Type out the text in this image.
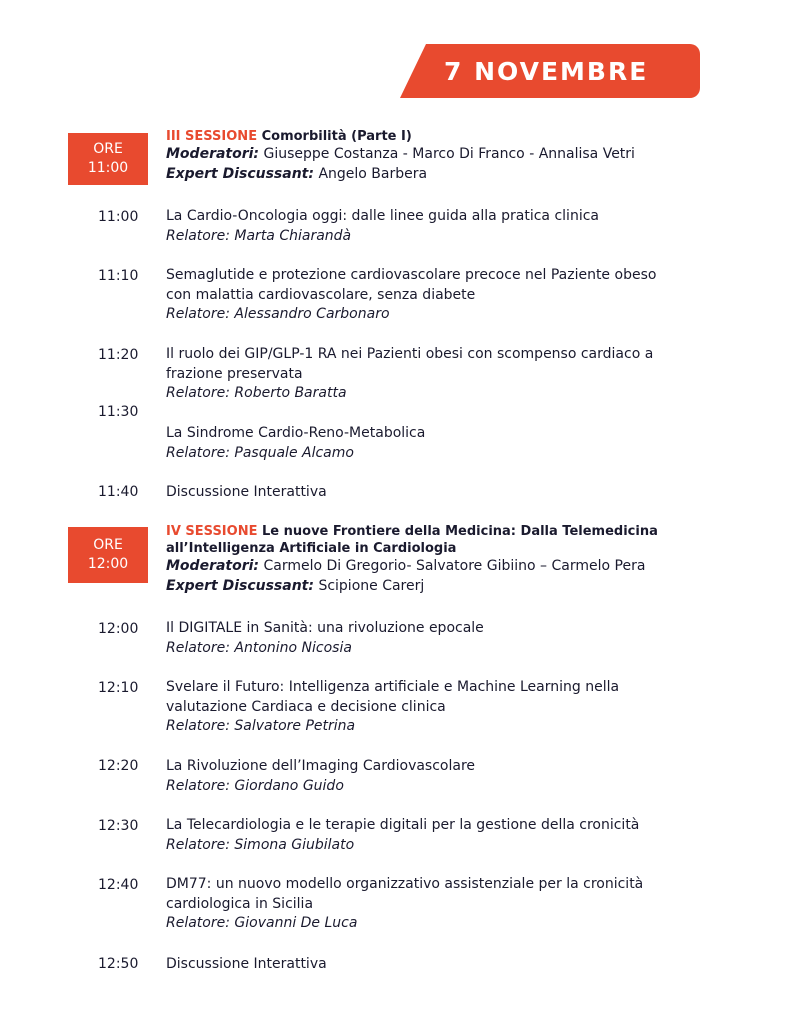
7 NOVEMBRE
ORE
11:00

III SESSIONE Comorbilità (Parte I)

Moderatori: Giuseppe Costanza - Marco Di Franco - Annalisa Vetri

Expert Discussant: Angelo Barbera

11:00 La Cardio-Oncologia oggi: dalle linee guida alla pratica clinica

Relatore: Marta Chiarandà

11:10 Semaglutide e protezione cardiovascolare precoce nel Paziente obeso

con malattia cardiovascolare, senza diabete

Relatore: Alessandro Carbonaro

11:20 Il ruolo dei GIP/GLP-1 RA nei Pazienti obesi con scompenso cardiaco a

frazione preservata

Relatore: Roberto Baratta

11:30

La Sindrome Cardio-Reno-Metabolica

Relatore: Pasquale Alcamo

11:40 Discussione Interattiva

ORE
12:00

IV SESSIONE Le nuove Frontiere della Medicina: Dalla Telemedicina

all’Intelligenza Artificiale in Cardiologia

Moderatori: Carmelo Di Gregorio- Salvatore Gibiino – Carmelo Pera

Expert Discussant: Scipione Carerj

12:00 Il DIGITALE in Sanità: una rivoluzione epocale

Relatore: Antonino Nicosia

12:10 Svelare il Futuro: Intelligenza artificiale e Machine Learning nella

valutazione Cardiaca e decisione clinica

Relatore: Salvatore Petrina

12:20 La Rivoluzione dell’Imaging Cardiovascolare

Relatore: Giordano Guido

12:30 La Telecardiologia e le terapie digitali per la gestione della cronicità

Relatore: Simona Giubilato

12:40 DM77: un nuovo modello organizzativo assistenziale per la cronicità

cardiologica in Sicilia

Relatore: Giovanni De Luca

12:50 Discussione Interattiva
